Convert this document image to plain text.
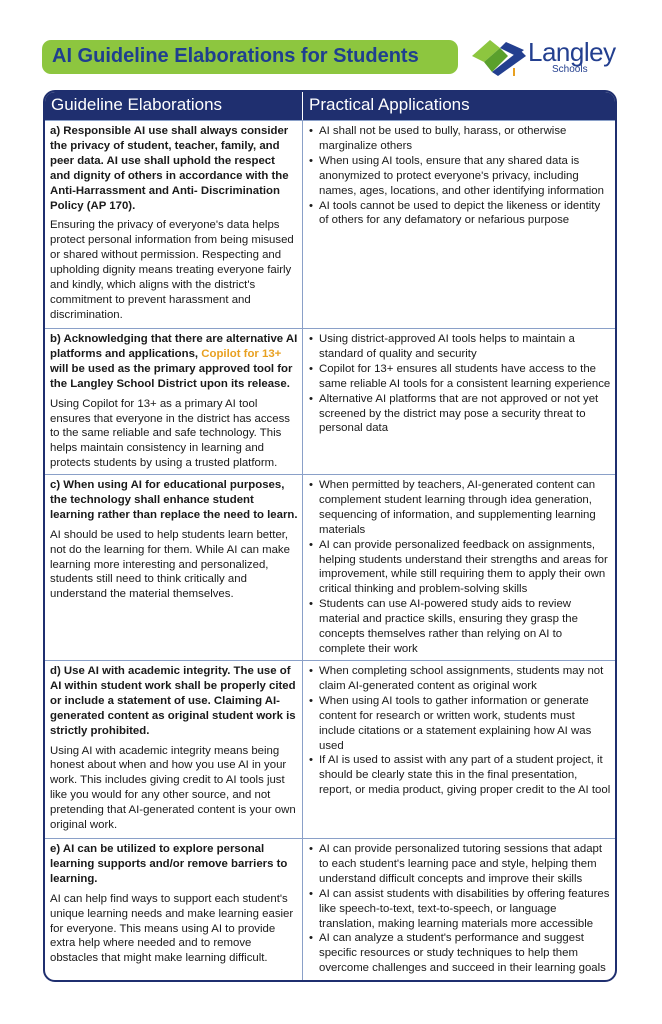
AI Guideline Elaborations for Students	Langley
Schools
Guideline Elaborations	Practical Applications

a) Responsible AI use shall always consider the privacy of student, teacher, family, and peer data. AI use shall uphold the respect and dignity of others in accordance with the Anti-Harrassment and Anti- Discrimination Policy (AP 170).

Ensuring the privacy of everyone's data helps protect personal information from being misused or shared without permission. Respecting and upholding dignity means treating everyone fairly and kindly, which aligns with the district's commitment to prevent harassment and discrimination.

• AI shall not be used to bully, harass, or otherwise marginalize others
• When using AI tools, ensure that any shared data is anonymized to protect everyone's privacy, including names, ages, locations, and other identifying information
• AI tools cannot be used to depict the likeness or identity of others for any defamatory or nefarious purpose

b) Acknowledging that there are alternative AI platforms and applications, Copilot for 13+ will be used as the primary approved tool for the Langley School District upon its release.

Using Copilot for 13+ as a primary AI tool ensures that everyone in the district has access to the same reliable and safe technology. This helps maintain consistency in learning and protects students by using a trusted platform.

• Using district-approved AI tools helps to maintain a standard of quality and security
• Copilot for 13+ ensures all students have access to the same reliable AI tools for a consistent learning experience
• Alternative AI platforms that are not approved or not yet screened by the district may pose a security threat to personal data

c) When using AI for educational purposes, the technology shall enhance student learning rather than replace the need to learn.

AI should be used to help students learn better, not do the learning for them. While AI can make learning more interesting and personalized, students still need to think critically and understand the material themselves.

• When permitted by teachers, AI-generated content can complement student learning through idea generation, sequencing of information, and supplementing learning materials
• AI can provide personalized feedback on assignments, helping students understand their strengths and areas for improvement, while still requiring them to apply their own critical thinking and problem-solving skills
• Students can use AI-powered study aids to review material and practice skills, ensuring they grasp the concepts themselves rather than relying on AI to complete their work

d) Use AI with academic integrity. The use of AI within student work shall be properly cited or include a statement of use. Claiming AI-generated content as original student work is strictly prohibited.

Using AI with academic integrity means being honest about when and how you use AI in your work. This includes giving credit to AI tools just like you would for any other source, and not pretending that AI-generated content is your own original work.

• When completing school assignments, students may not claim AI-generated content as original work
• When using AI tools to gather information or generate content for research or written work, students must include citations or a statement explaining how AI was used
• If AI is used to assist with any part of a student project, it should be clearly state this in the final presentation, report, or media product, giving proper credit to the AI tool

e) AI can be utilized to explore personal learning supports and/or remove barriers to learning.

AI can help find ways to support each student's unique learning needs and make learning easier for everyone. This means using AI to provide extra help where needed and to remove obstacles that might make learning difficult.

• AI can provide personalized tutoring sessions that adapt to each student's learning pace and style, helping them understand difficult concepts and improve their skills
• AI can assist students with disabilities by offering features like speech-to-text, text-to-speech, or language translation, making learning materials more accessible
• AI can analyze a student's performance and suggest specific resources or study techniques to help them overcome challenges and succeed in their learning goals
